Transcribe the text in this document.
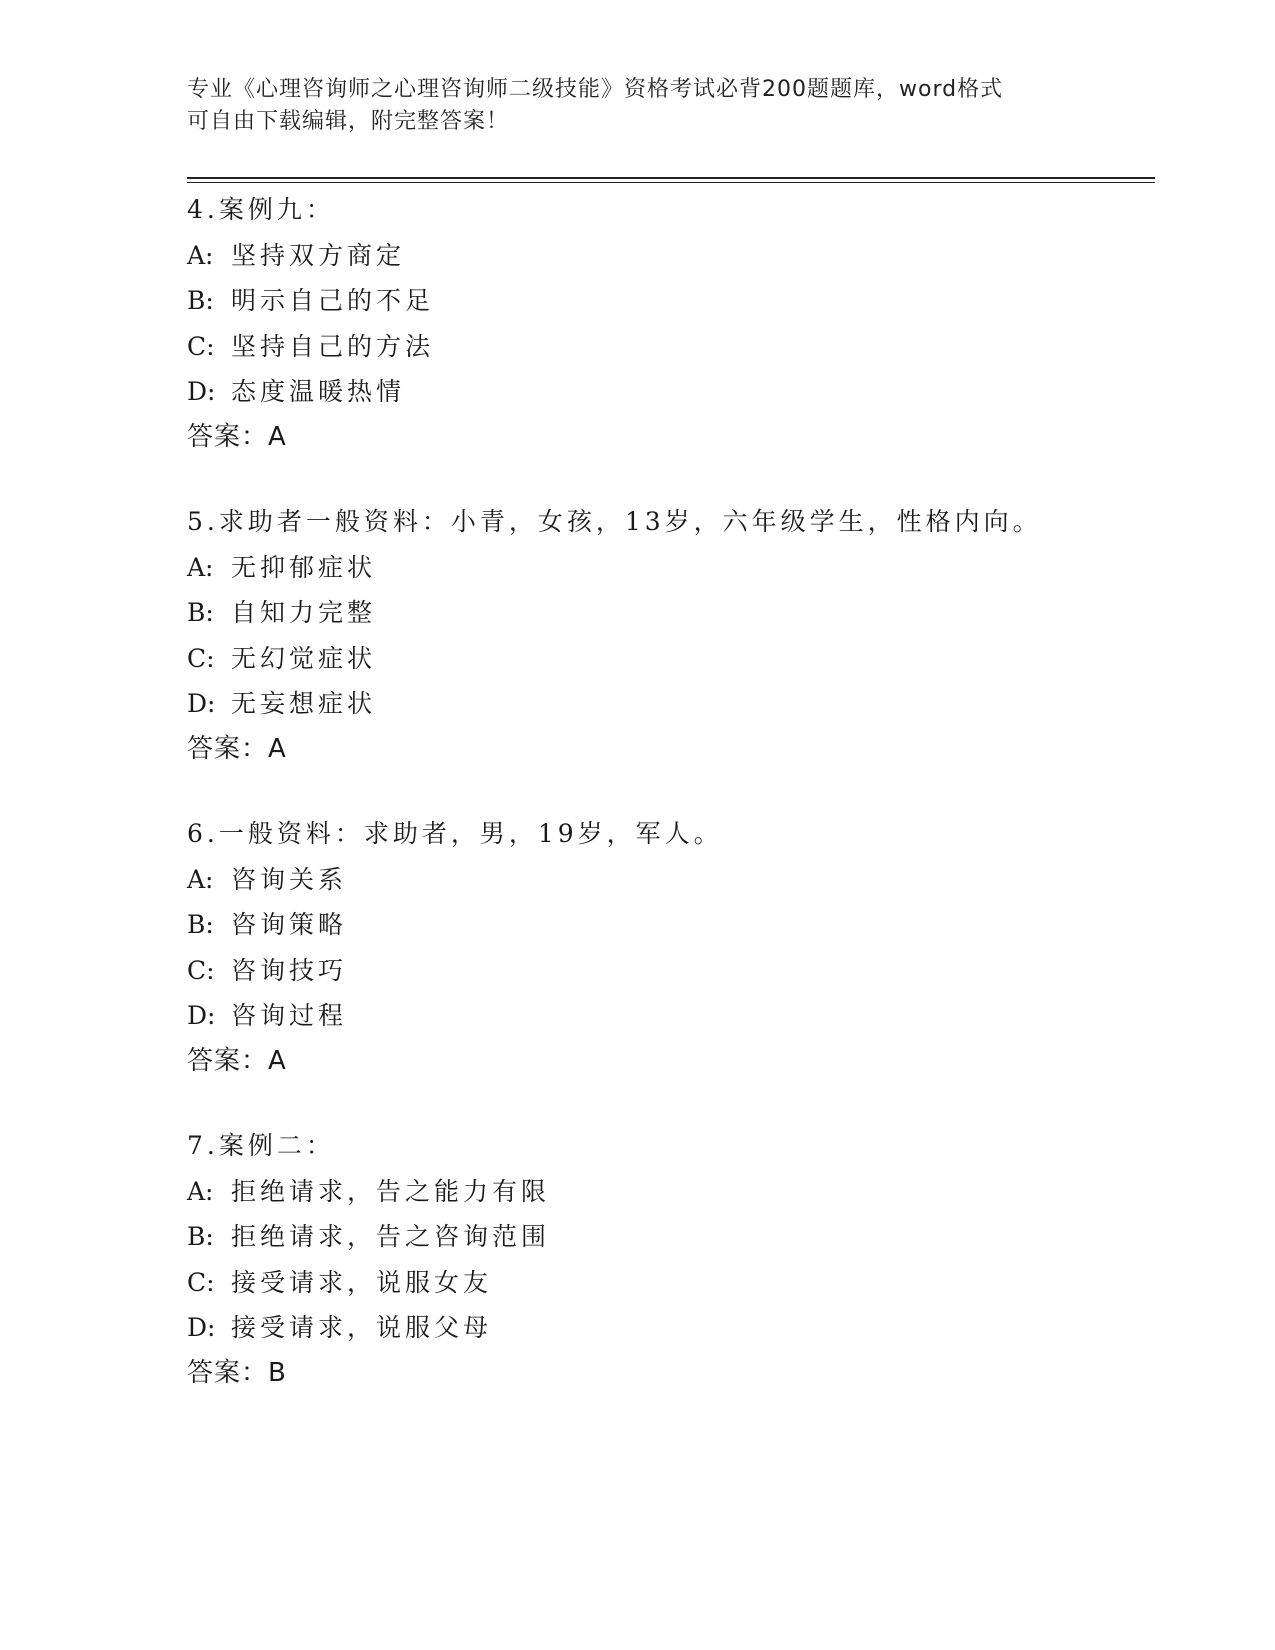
专业《心理咨询师之心理咨询师二级技能》资格考试必背200题题库，word格式
可自由下载编辑，附完整答案！
4.案例九：
A: 坚持双方商定
B: 明示自己的不足
C: 坚持自己的方法
D: 态度温暖热情
答案：A
5.求助者一般资料：小青，女孩，13岁，六年级学生，性格内向。
A: 无抑郁症状
B: 自知力完整
C: 无幻觉症状
D: 无妄想症状
答案：A
6.一般资料：求助者，男，19岁，军人。
A: 咨询关系
B: 咨询策略
C: 咨询技巧
D: 咨询过程
答案：A
7.案例二：
A: 拒绝请求，告之能力有限
B: 拒绝请求，告之咨询范围
C: 接受请求，说服女友
D: 接受请求，说服父母
答案：B
